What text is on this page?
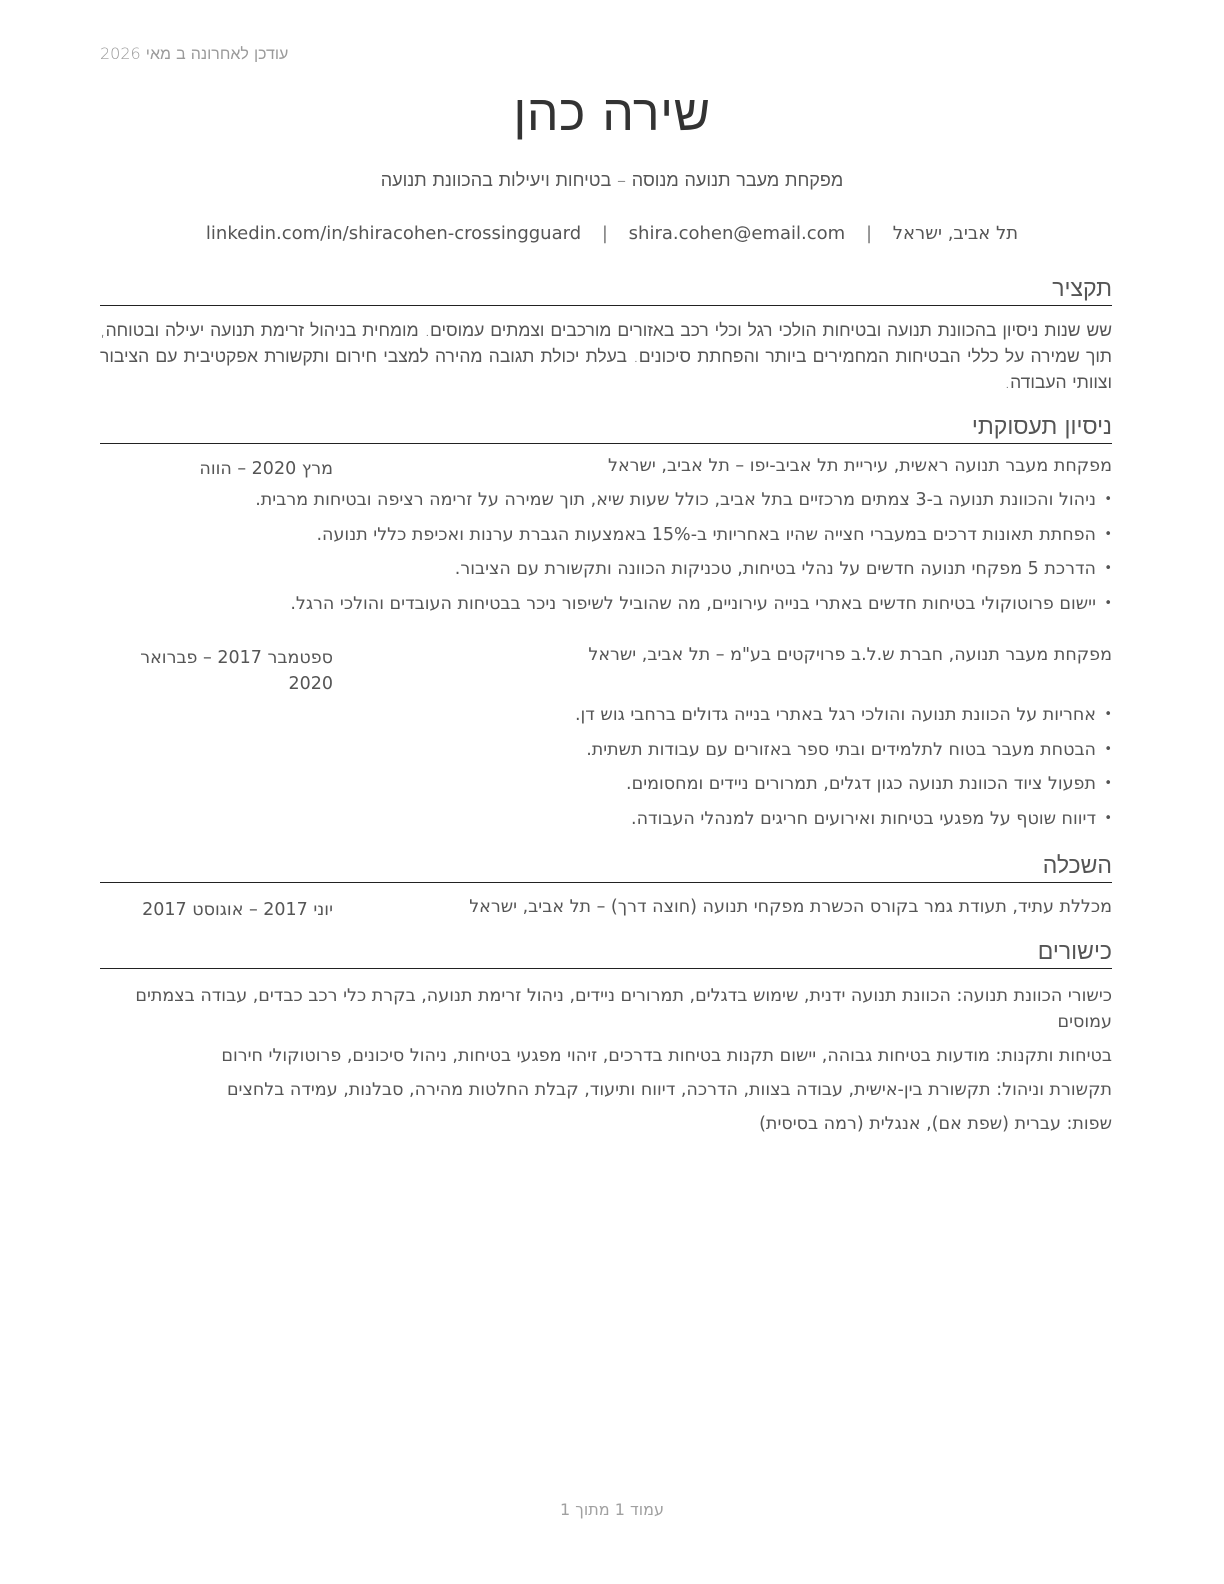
עודכן לאחרונה ב מאי 2026
שירה כהן
מפקחת מעבר תנועה מנוסה – בטיחות ויעילות בהכוונת תנועה
תל אביב, ישראל | shira.cohen@email.com | linkedin.com/in/shiracohen-crossingguard
תקציר
שש שנות ניסיון בהכוונת תנועה ובטיחות הולכי רגל וכלי רכב באזורים מורכבים וצמתים עמוסים. מומחית בניהול זרימת תנועה יעילה ובטוחה, תוך שמירה על כללי הבטיחות המחמירים ביותר והפחתת סיכונים. בעלת יכולת תגובה מהירה למצבי חירום ותקשורת אפקטיבית עם הציבור וצוותי העבודה.
ניסיון תעסוקתי
מפקחת מעבר תנועה ראשית, עיריית תל אביב-יפו – תל אביב, ישראל
מרץ 2020 – הווה
• ניהול והכוונת תנועה ב-3 צמתים מרכזיים בתל אביב, כולל שעות שיא, תוך שמירה על זרימה רציפה ובטיחות מרבית.
• הפחתת תאונות דרכים במעברי חצייה שהיו באחריותי ב-15% באמצעות הגברת ערנות ואכיפת כללי תנועה.
• הדרכת 5 מפקחי תנועה חדשים על נהלי בטיחות, טכניקות הכוונה ותקשורת עם הציבור.
• יישום פרוטוקולי בטיחות חדשים באתרי בנייה עירוניים, מה שהוביל לשיפור ניכר בבטיחות העובדים והולכי הרגל.
מפקחת מעבר תנועה, חברת ש.ל.ב פרויקטים בע"מ – תל אביב, ישראל
ספטמבר 2017 – פברואר 2020
• אחריות על הכוונת תנועה והולכי רגל באתרי בנייה גדולים ברחבי גוש דן.
• הבטחת מעבר בטוח לתלמידים ובתי ספר באזורים עם עבודות תשתית.
• תפעול ציוד הכוונת תנועה כגון דגלים, תמרורים ניידים ומחסומים.
• דיווח שוטף על מפגעי בטיחות ואירועים חריגים למנהלי העבודה.
השכלה
מכללת עתיד, תעודת גמר בקורס הכשרת מפקחי תנועה (חוצה דרך) – תל אביב, ישראל
יוני 2017 – אוגוסט 2017
כישורים
כישורי הכוונת תנועה: הכוונת תנועה ידנית, שימוש בדגלים, תמרורים ניידים, ניהול זרימת תנועה, בקרת כלי רכב כבדים, עבודה בצמתים עמוסים
בטיחות ותקנות: מודעות בטיחות גבוהה, יישום תקנות בטיחות בדרכים, זיהוי מפגעי בטיחות, ניהול סיכונים, פרוטוקולי חירום
תקשורת וניהול: תקשורת בין-אישית, עבודה בצוות, הדרכה, דיווח ותיעוד, קבלת החלטות מהירה, סבלנות, עמידה בלחצים
שפות: עברית (שפת אם), אנגלית (רמה בסיסית)
עמוד 1 מתוך 1
